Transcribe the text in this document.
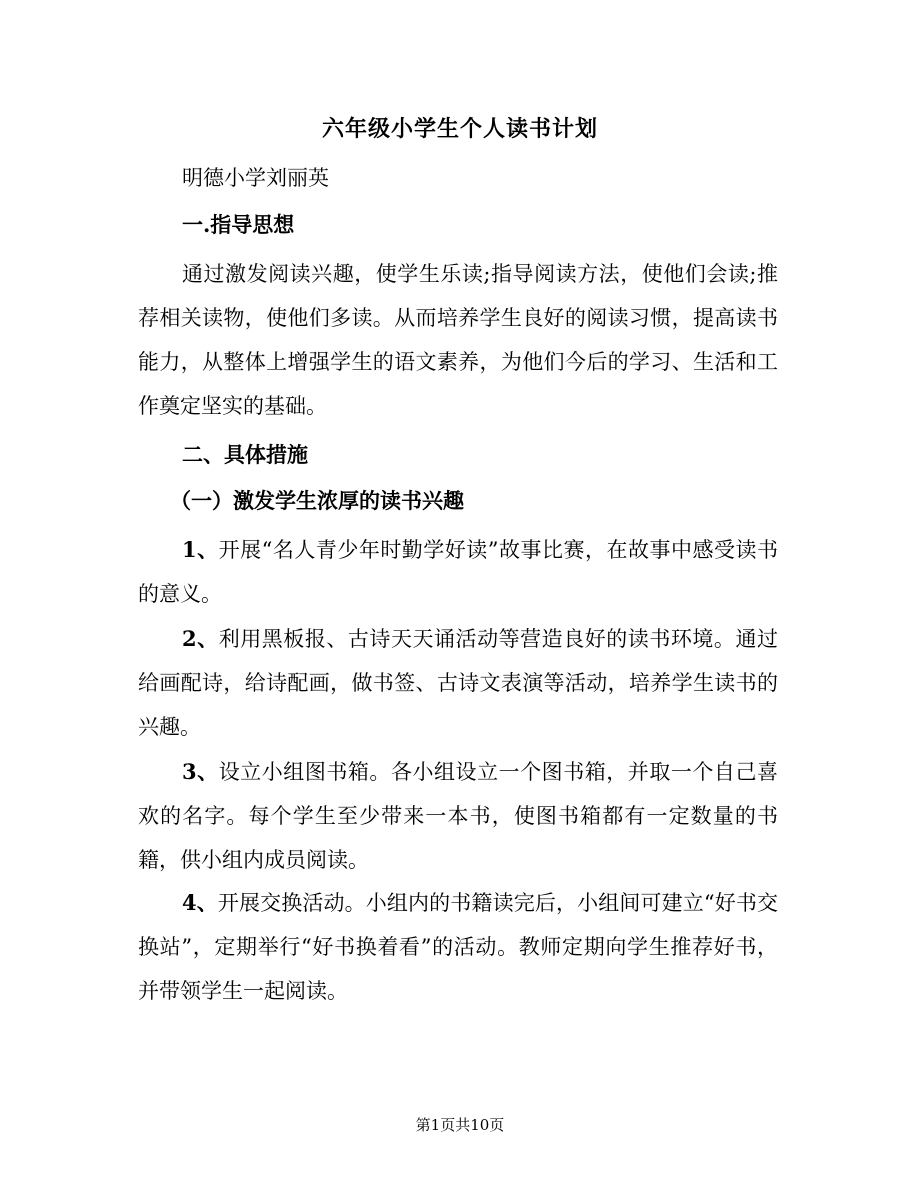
六年级小学生个人读书计划
明德小学刘丽英
一.指导思想
通过激发阅读兴趣，使学生乐读;指导阅读方法，使他们会读;推荐相关读物，使他们多读。从而培养学生良好的阅读习惯，提高读书能力，从整体上增强学生的语文素养，为他们今后的学习、生活和工作奠定坚实的基础。
二、具体措施
（一）激发学生浓厚的读书兴趣
1、开展“名人青少年时勤学好读”故事比赛，在故事中感受读书的意义。
2、利用黑板报、古诗天天诵活动等营造良好的读书环境。通过给画配诗，给诗配画，做书签、古诗文表演等活动，培养学生读书的兴趣。
3、设立小组图书箱。各小组设立一个图书箱，并取一个自己喜欢的名字。每个学生至少带来一本书，使图书箱都有一定数量的书籍，供小组内成员阅读。
4、开展交换活动。小组内的书籍读完后，小组间可建立“好书交换站”，定期举行“好书换着看”的活动。教师定期向学生推荐好书，并带领学生一起阅读。
第1页共10页
